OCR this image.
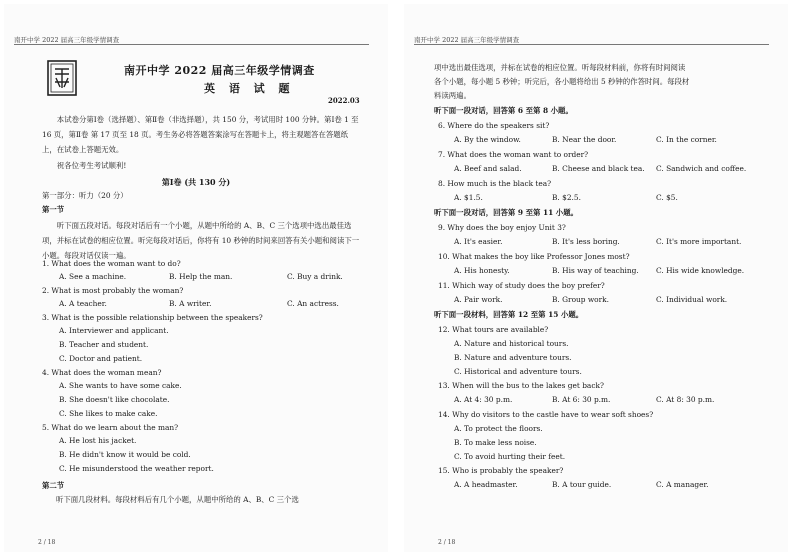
南开中学 2022 届高三年级学情调查
南开中学 2022 届高三年级学情调查
英 语 试 题
2022.03
本试卷分第Ⅰ卷（选择题）、第Ⅱ卷（非选择题），共 150 分，考试用时 100 分钟。第Ⅰ卷 1 至 16 页，第Ⅱ卷 第 17 页至 18 页。考生务必将答题答案涂写在答题卡上，将主观题答在答题纸上，在试卷上答题无效。
祝各位考生考试顺利!
第Ⅰ卷 (共 130 分)
第一部分：听力（20 分）
第一节
听下面五段对话。每段对话后有一个小题，从题中所给的 A、B、C 三个选项中选出最佳选项，并标在试卷的相应位置。听完每段对话后，你将有 10 秒钟的时间来回答有关小题和阅读下一小题。每段对话仅读一遍。
1. What does the woman want to do?
A. See a machine.	B. Help the man.	C. Buy a drink.
2. What is most probably the woman?
A. A teacher.	B. A writer.	C. An actress.
3. What is the possible relationship between the speakers?
A. Interviewer and applicant.
B. Teacher and student.
C. Doctor and patient.
4. What does the woman mean?
A. She wants to have some cake.
B. She doesn't like chocolate.
C. She likes to make cake.
5. What do we learn about the man?
A. He lost his jacket.
B. He didn't know it would be cold.
C. He misunderstood the weather report.
第二节
听下面几段材料。每段材料后有几个小题，从题中所给的 A、B、C 三个选
2 / 18
南开中学 2022 届高三年级学情调查
项中选出最佳选项，并标在试卷的相应位置。听每段材料前，你将有时间阅读
各个小题，每小题 5 秒钟；听完后，各小题将给出 5 秒钟的作答时间。每段材
料读两遍。
听下面一段对话，回答第 6 至第 8 小题。
6. Where do the speakers sit?
A. By the window.	B. Near the door.	C. In the corner.
7. What does the woman want to order?
A. Beef and salad.	B. Cheese and black tea. C. Sandwich and coffee.
8. How much is the black tea?
A. $1.5.	B. $2.5.	C. $5.
听下面一段对话，回答第 9 至第 11 小题。
9. Why does the boy enjoy Unit 3?
A. It's easier.	B. It's less boring.	C. It's more important.
10. What makes the boy like Professor Jones most?
A. His honesty.	B. His way of teaching. C. His wide knowledge.
11. Which way of study does the boy prefer?
A. Pair work.	B. Group work.	C. Individual work.
听下面一段材料，回答第 12 至第 15 小题。
12. What tours are available?
A. Nature and historical tours.
B. Nature and adventure tours.
C. Historical and adventure tours.
13. When will the bus to the lakes get back?
A. At 4: 30 p.m.	B. At 6: 30 p.m.	C. At 8: 30 p.m.
14. Why do visitors to the castle have to wear soft shoes?
A. To protect the floors.
B. To make less noise.
C. To avoid hurting their feet.
15. Who is probably the speaker?
A. A headmaster.	B. A tour guide.	C. A manager.
2 / 18
